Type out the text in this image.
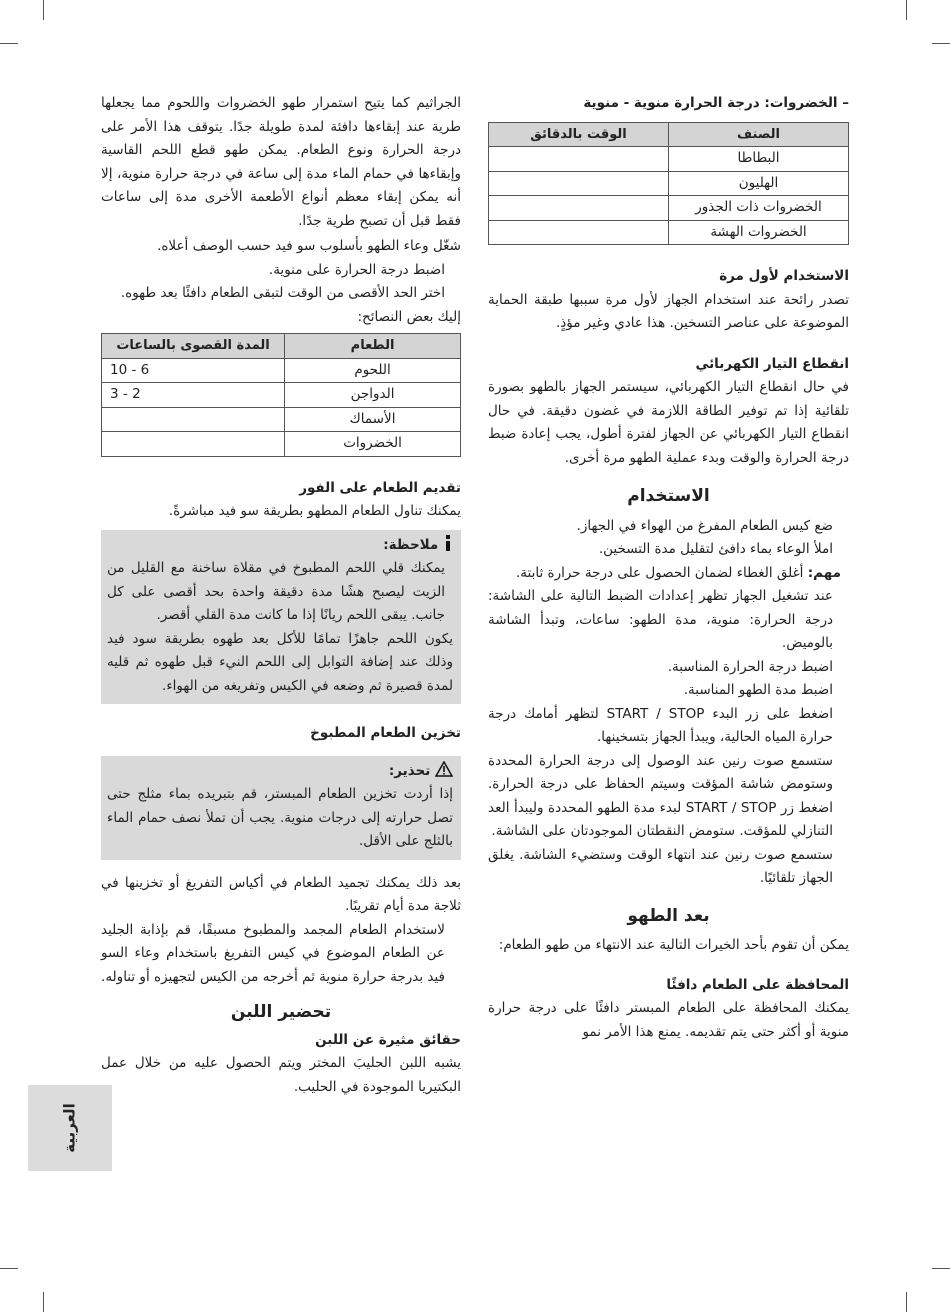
– الخضروات: درجة الحرارة منوية - منوية

الصنف	الوقت بالدقائق
البطاطا	
الهليون	
الخضروات ذات الجذور	
الخضروات الهشة	

الاستخدام لأول مرة

تصدر رائحة عند استخدام الجهاز لأول مرة سببها طبقة الحماية الموضوعة على عناصر التسخين. هذا عادي وغير مؤذٍ.

انقطاع التيار الكهربائي

في حال انقطاع التيار الكهربائي، سيستمر الجهاز بالطهو بصورة تلقائية إذا تم توفير الطاقة اللازمة في غضون دقيقة. في حال انقطاع التيار الكهربائي عن الجهاز لفترة أطول، يجب إعادة ضبط درجة الحرارة والوقت وبدء عملية الطهو مرة أخرى.

الاستخدام

ضع كيس الطعام المفرغ من الهواء في الجهاز.

املأ الوعاء بماء دافئ لتقليل مدة التسخين.

مهم: أغلق الغطاء لضمان الحصول على درجة حرارة ثابتة.

عند تشغيل الجهاز تظهر إعدادات الضبط التالية على الشاشة: درجة الحرارة: منوية، مدة الطهو: ساعات، وتبدأ الشاشة بالوميض.

اضبط درجة الحرارة المناسبة.

اضبط مدة الطهو المناسبة.

اضغط على زر البدء START / STOP لتظهر أمامك درجة حرارة المياه الحالية، ويبدأ الجهاز بتسخينها.

ستسمع صوت رنين عند الوصول إلى درجة الحرارة المحددة وستومض شاشة المؤقت وسيتم الحفاظ على درجة الحرارة. اضغط زر START / STOP لبدء مدة الطهو المحددة وليبدأ العد التنازلي للمؤقت. ستومض النقطتان الموجودتان على الشاشة.

ستسمع صوت رنين عند انتهاء الوقت وستضيء الشاشة. يغلق الجهاز تلقائيًا.

بعد الطهو

يمكن أن تقوم بأحد الخيرات التالية عند الانتهاء من طهو الطعام:

المحافظة على الطعام دافئًا

يمكنك المحافظة على الطعام المبستر دافئًا على درجة حرارة منوية أو أكثر حتى يتم تقديمه. يمنع هذا الأمر نمو

الجراثيم كما يتيح استمرار طهو الخضروات واللحوم مما يجعلها طرية عند إبقاءها دافئة لمدة طويلة جدًا. يتوقف هذا الأمر على درجة الحرارة ونوع الطعام. يمكن طهو قطع اللحم القاسية وإبقاءها في حمام الماء مدة إلى ساعة في درجة حرارة منوية، إلا أنه يمكن إبقاء معظم أنواع الأطعمة الأخرى مدة إلى ساعات فقط قبل أن تصبح طرية جدًا.

شغّل وعاء الطهو بأسلوب سو فيد حسب الوصف أعلاه.

اضبط درجة الحرارة على منوية.

اختر الحد الأقصى من الوقت لتبقى الطعام دافئًا بعد طهوه.

إليك بعض النصائح:

الطعام	المدة القصوى بالساعات
اللحوم	6 - 10
الدواجن	2 - 3
الأسماك	
الخضروات	

تقديم الطعام على الفور

يمكنك تناول الطعام المطهو بطريقة سو فيد مباشرةً.

ملاحظة:

يمكنك قلي اللحم المطبوخ في مقلاة ساخنة مع القليل من الزيت ليصبح هشًا مدة دقيقة واحدة بحد أقصى على كل جانب. يبقى اللحم ريانًا إذا ما كانت مدة القلي أقصر.

يكون اللحم جاهزًا تمامًا للأكل بعد طهوه بطريقة سود فيد وذلك عند إضافة التوابل إلى اللحم النيء قبل طهوه ثم قليه لمدة قصيرة ثم وضعه في الكيس وتفريغه من الهواء.

تخزين الطعام المطبوخ

تحذير:

إذا أردت تخزين الطعام المبستر، قم بتبريده بماء مثلج حتى تصل حرارته إلى درجات منوية. يجب أن تملأ نصف حمام الماء بالثلج على الأقل.

بعد ذلك يمكنك تجميد الطعام في أكياس التفريغ أو تخزينها في ثلاجة مدة أيام تقريبًا.

لاستخدام الطعام المجمد والمطبوخ مسبقًا، قم بإذابة الجليد عن الطعام الموضوع في كيس التفريغ باستخدام وعاء السو فيد بدرجة حرارة منوية ثم أخرجه من الكيس لتجهيزه أو تناوله.

تحضير اللبن

حقائق مثيرة عن اللبن

يشبه اللبن الحليبَ المختر ويتم الحصول عليه من خلال عمل البكتيريا الموجودة في الحليب.

العربية
